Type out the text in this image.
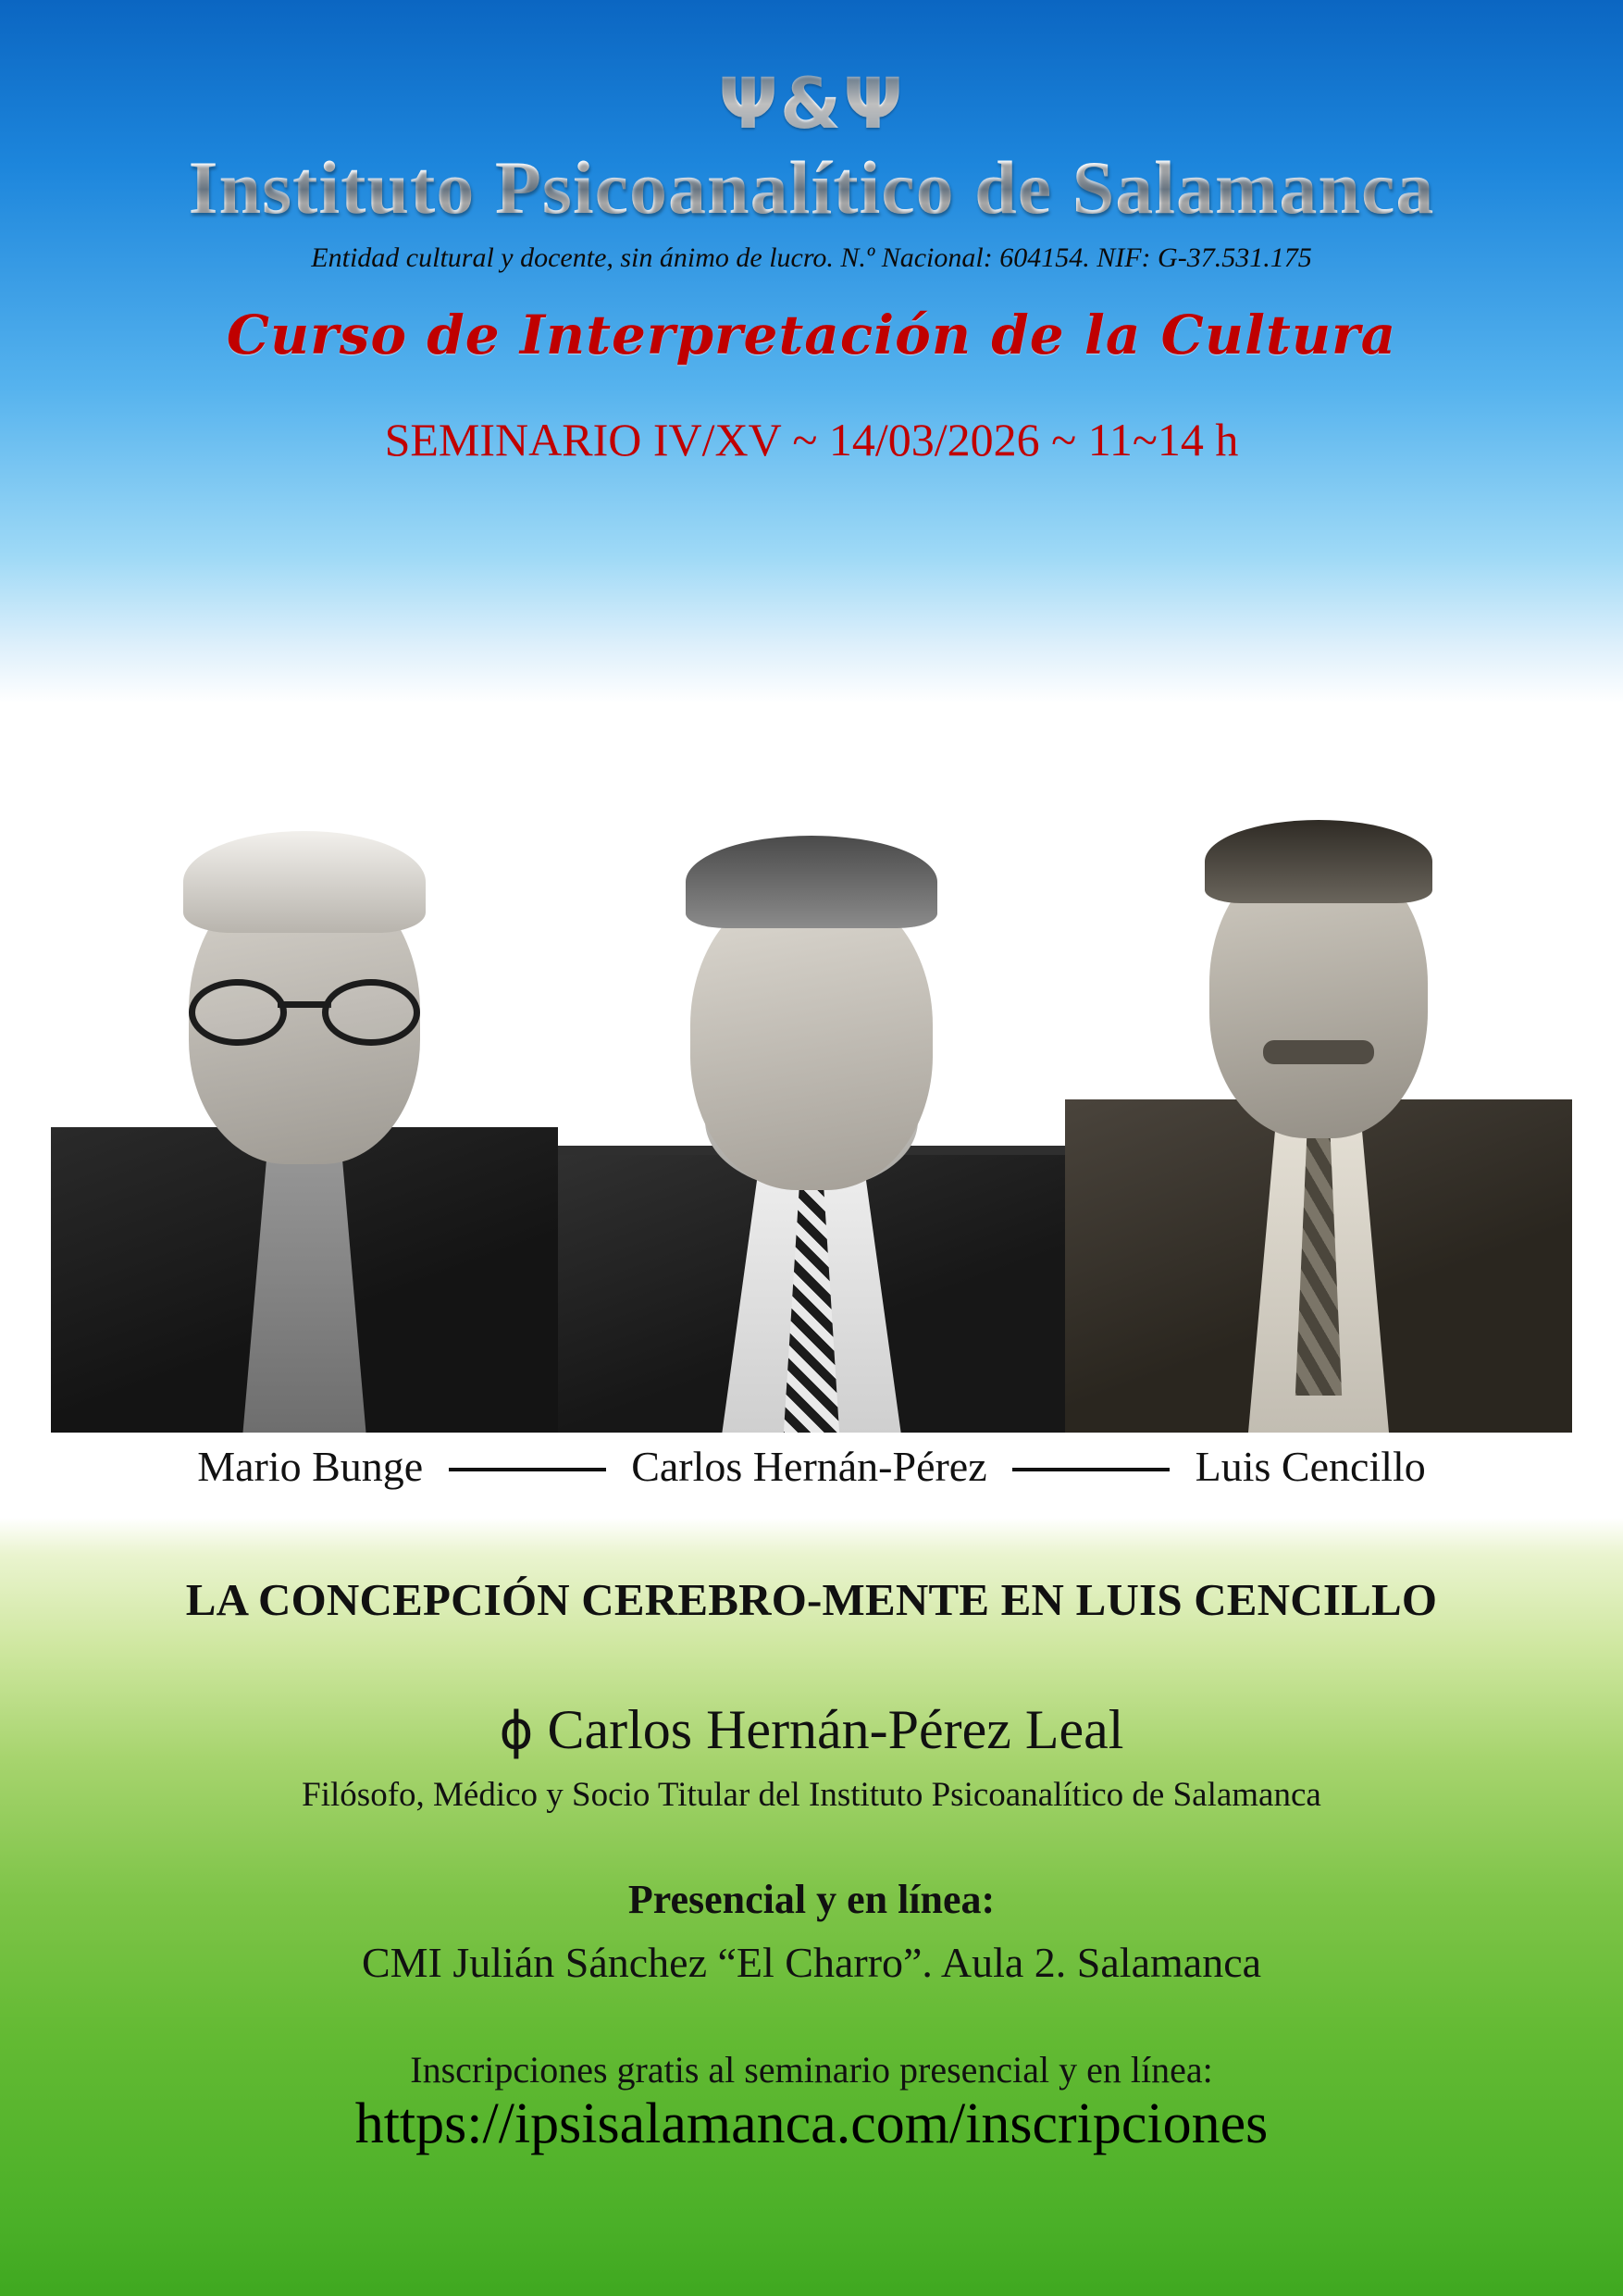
Ψ&Ψ
Instituto Psicoanalítico de Salamanca
Entidad cultural y docente, sin ánimo de lucro. N.º Nacional: 604154. NIF: G-37.531.175
Curso de Interpretación de la Cultura
SEMINARIO IV/XV ~ 14/03/2026 ~ 11~14 h
Mario Bunge	Carlos Hernán-Pérez	Luis Cencillo
LA CONCEPCIÓN CEREBRO-MENTE EN LUIS CENCILLO
ϕ Carlos Hernán-Pérez Leal
Filósofo, Médico y Socio Titular del Instituto Psicoanalítico de Salamanca
Presencial y en línea:
CMI Julián Sánchez “El Charro”. Aula 2. Salamanca
Inscripciones gratis al seminario presencial y en línea:
https://ipsisalamanca.com/inscripciones
